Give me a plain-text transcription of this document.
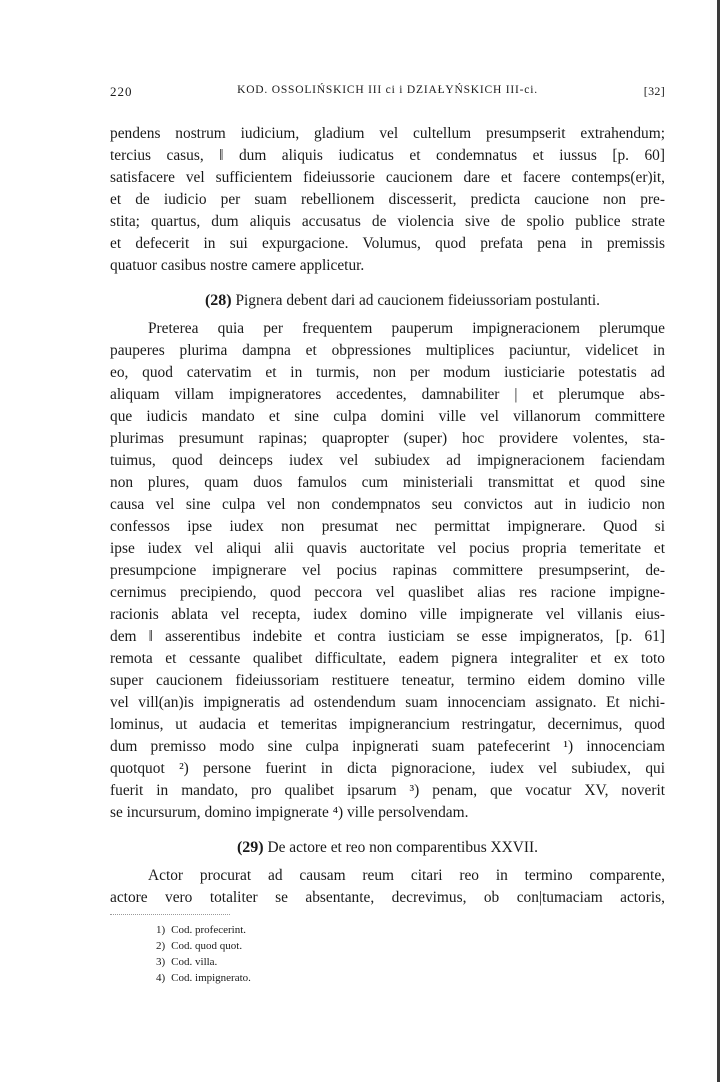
220	KOD. OSSOLIŃSKICH III ci i DZIAŁYŃSKICH III-ci.	[32]
pendens nostrum iudicium, gladium vel cultellum presumpserit extrahendum;
tercius casus, ‖ dum aliquis iudicatus et condemnatus et iussus [p. 60]
satisfacere vel sufficientem fideiussorie caucionem dare et facere contemps(er)it,
et de iudicio per suam rebellionem discesserit, predicta caucione non pre-
stita; quartus, dum aliquis accusatus de violencia sive de spolio publice strate
et defecerit in sui expurgacione. Volumus, quod prefata pena in premissis
quatuor casibus nostre camere applicetur.
(28) Pignera debent dari ad caucionem fideiussoriam postulanti.
Preterea quia per frequentem pauperum impigneracionem plerumque
pauperes plurima dampna et obpressiones multiplices paciuntur, videlicet in
eo, quod catervatim et in turmis, non per modum iusticiarie potestatis ad
aliquam villam impigneratores accedentes, damnabiliter | et plerumque abs-
que iudicis mandato et sine culpa domini ville vel villanorum committere
plurimas presumunt rapinas; quapropter (super) hoc providere volentes, sta-
tuimus, quod deinceps iudex vel subiudex ad impigneracionem faciendam
non plures, quam duos famulos cum ministeriali transmittat et quod sine
causa vel sine culpa vel non condempnatos seu convictos aut in iudicio non
confessos ipse iudex non presumat nec permittat impignerare. Quod si
ipse iudex vel aliqui alii quavis auctoritate vel pocius propria temeritate et
presumpcione impignerare vel pocius rapinas committere presumpserint, de-
cernimus precipiendo, quod peccora vel quaslibet alias res racione impigne-
racionis ablata vel recepta, iudex domino ville impignerate vel villanis eius-
dem ‖ asserentibus indebite et contra iusticiam se esse impigneratos, [p. 61]
remota et cessante qualibet difficultate, eadem pignera integraliter et ex toto
super caucionem fideiussoriam restituere teneatur, termino eidem domino ville
vel vill(an)is impigneratis ad ostendendum suam innocenciam assignato. Et nichi-
lominus, ut audacia et temeritas impignerancium restringatur, decernimus, quod
dum premisso modo sine culpa inpignerati suam patefecerint ¹) innocenciam
quotquot ²) persone fuerint in dicta pignoracione, iudex vel subiudex, qui
fuerit in mandato, pro qualibet ipsarum ³) penam, que vocatur XV, noverit
se incursurum, domino impignerate ⁴) ville persolvendam.
(29) De actore et reo non comparentibus XXVII.
Actor procurat ad causam reum citari reo in termino comparente,
actore vero totaliter se absentante, decrevimus, ob con|tumaciam actoris,
1) Cod. profecerint.
2) Cod. quod quot.
3) Cod. villa.
4) Cod. impignerato.
